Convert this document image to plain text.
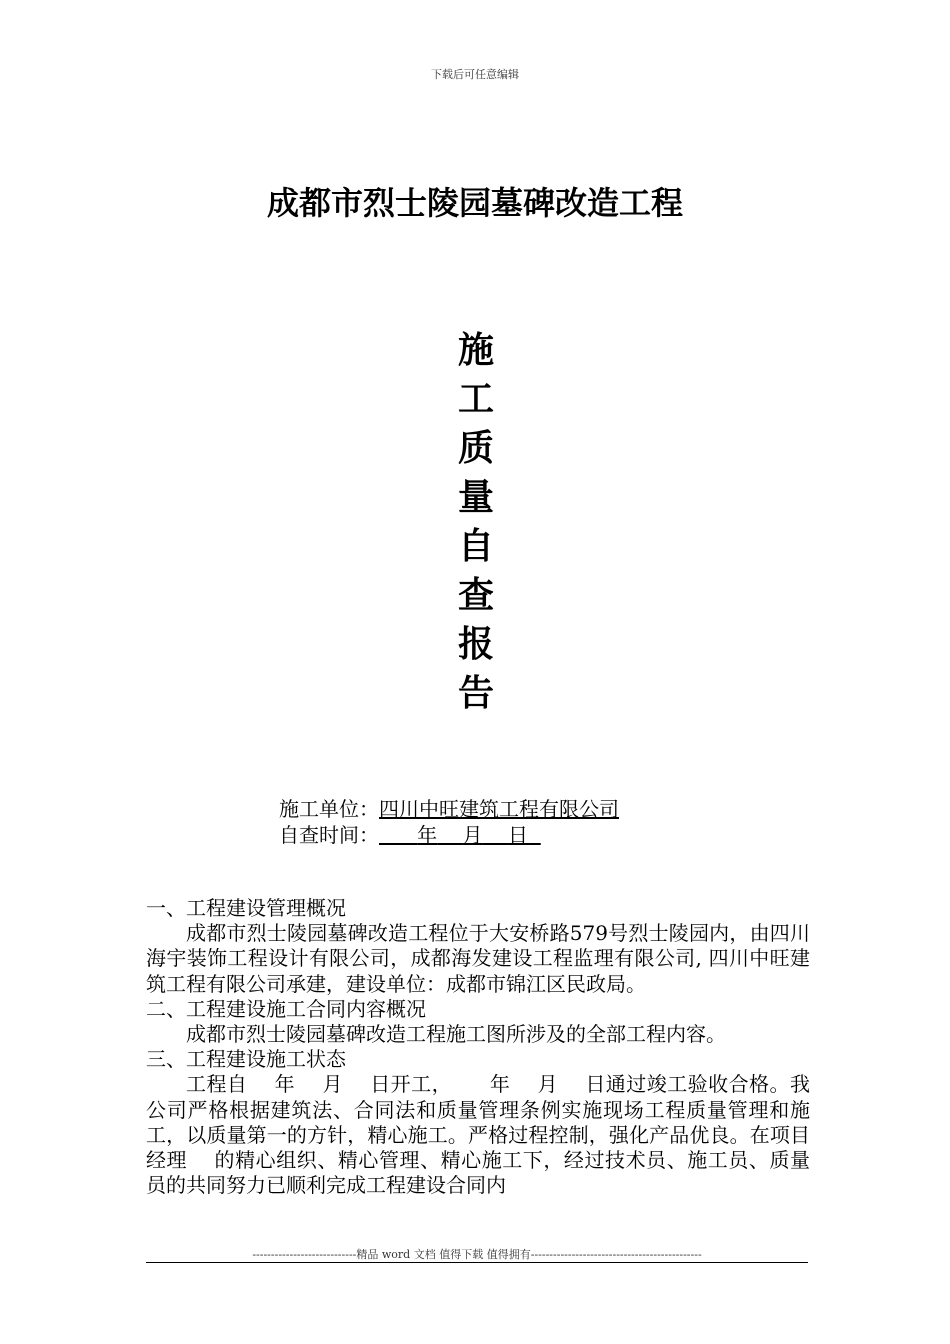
下载后可任意编辑
成都市烈士陵园墓碑改造工程
施
工
质
量
自
查
报
告
施工单位：四川中旺建筑工程有限公司
自查时间： 年 月 日

一、工程建设管理概况

成都市烈士陵园墓碑改造工程位于大安桥路579号烈士陵园内，由四川海宇装饰工程设计有限公司，成都海发建设工程监理有限公司, 四川中旺建筑工程有限公司承建，建设单位：成都市锦江区民政局。

二、工程建设施工合同内容概况

成都市烈士陵园墓碑改造工程施工图所涉及的全部工程内容。

三、工程建设施工状态

工程自　 年　 月　 日开工，　 　年　 月　 日通过竣工验收合格。我公司严格根据建筑法、合同法和质量管理条例实施现场工程质量管理和施工，以质量第一的方针，精心施工。严格过程控制，强化产品优良。在项目经理　 的精心组织、精心管理、精心施工下，经过技术员、施工员、质量员的共同努力已顺利完成工程建设合同内

----------------------------精品 word 文档 值得下载 值得拥有----------------------------------------------
